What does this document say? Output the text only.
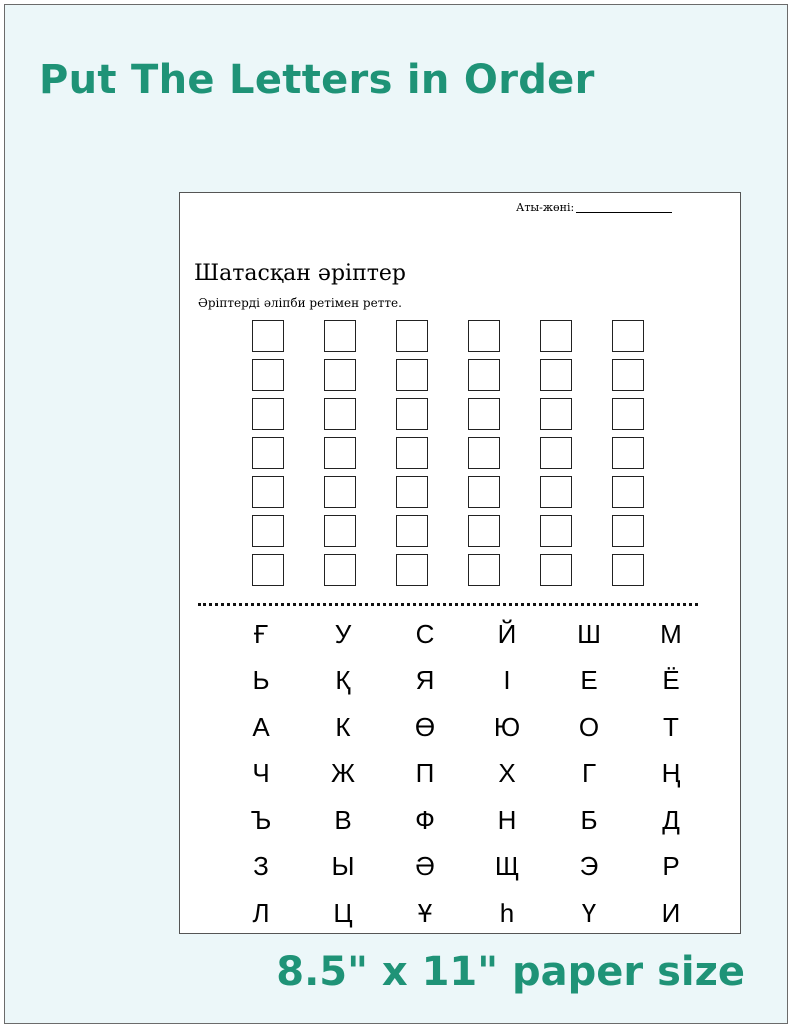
Put The Letters in Order
Аты-жөні:
Шатасқан әріптер
Әріптерді әліпби ретімен ретте.
Ғ	У	С	Й	Ш	М
Ь	Қ	Я	І	Е	Ё
А	К	Ө	Ю	О	Т
Ч	Ж	П	Х	Г	Ң
Ъ	В	Ф	Н	Б	Д
З	Ы	Ә	Щ	Э	Р
Л	Ц	Ұ	һ	Ү	И
8.5" x 11" paper size
